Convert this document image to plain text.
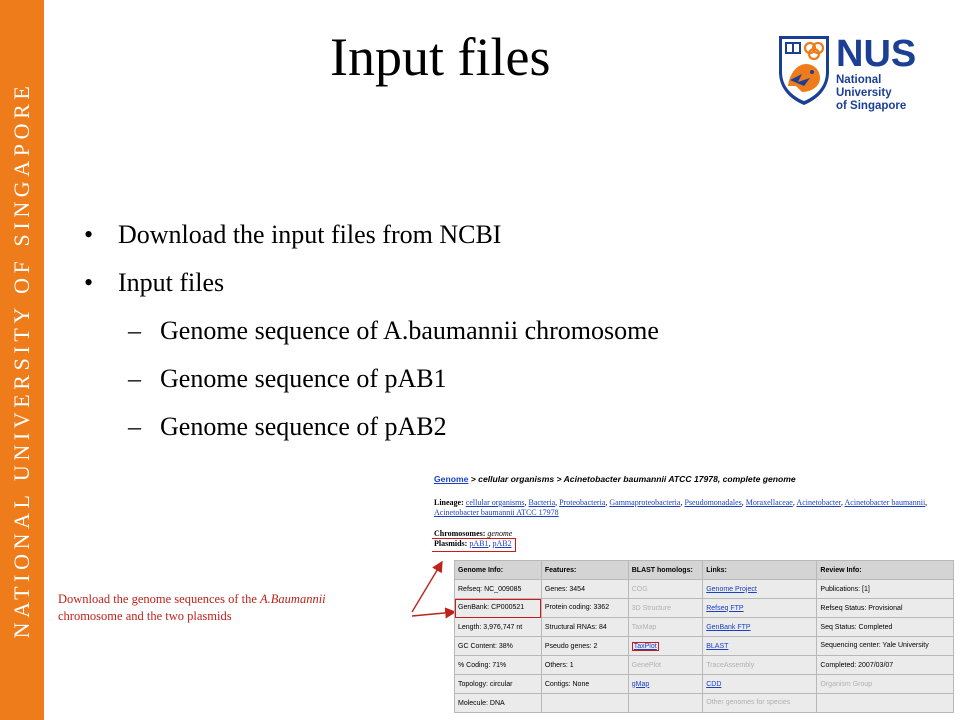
NATIONAL UNIVERSITY OF SINGAPORE
Input files	NUS
National University
of Singapore
• Download the input files from NCBI
• Input files
– Genome sequence of A.baumannii chromosome
– Genome sequence of pAB1
– Genome sequence of pAB2
Download the genome sequences of the A.Baumannii
chromosome and the two plasmids
Genome > cellular organisms > Acinetobacter baumannii ATCC 17978, complete genome
Lineage: cellular organisms, Bacteria, Proteobacteria, Gammaproteobacteria, Pseudomonadales, Moraxellaceae, Acinetobacter, Acinetobacter baumannii, Acinetobacter baumannii ATCC 17978
Chromosomes: genome
Plasmids: pAB1, pAB2
Genome Info:	Features:	BLAST homologs:	Links:	Review Info:
Refseq: NC_009085	Genes: 3454	COG	Genome Project	Publications: [1]
GenBank: CP000521	Protein coding: 3362	3D Structure	Refseq FTP	Refseq Status: Provisional
Length: 3,976,747 nt	Structural RNAs: 84	TaxMap	GenBank FTP	Seq Status: Completed
GC Content: 38%	Pseudo genes: 2	TaxPlot	BLAST	Sequencing center: Yale University
% Coding: 71%	Others: 1	GenePlot	TraceAssembly	Completed: 2007/03/07
Topology: circular	Contigs: None	gMap	CDD	Organism Group
Molecule: DNA			Other genomes for species	
